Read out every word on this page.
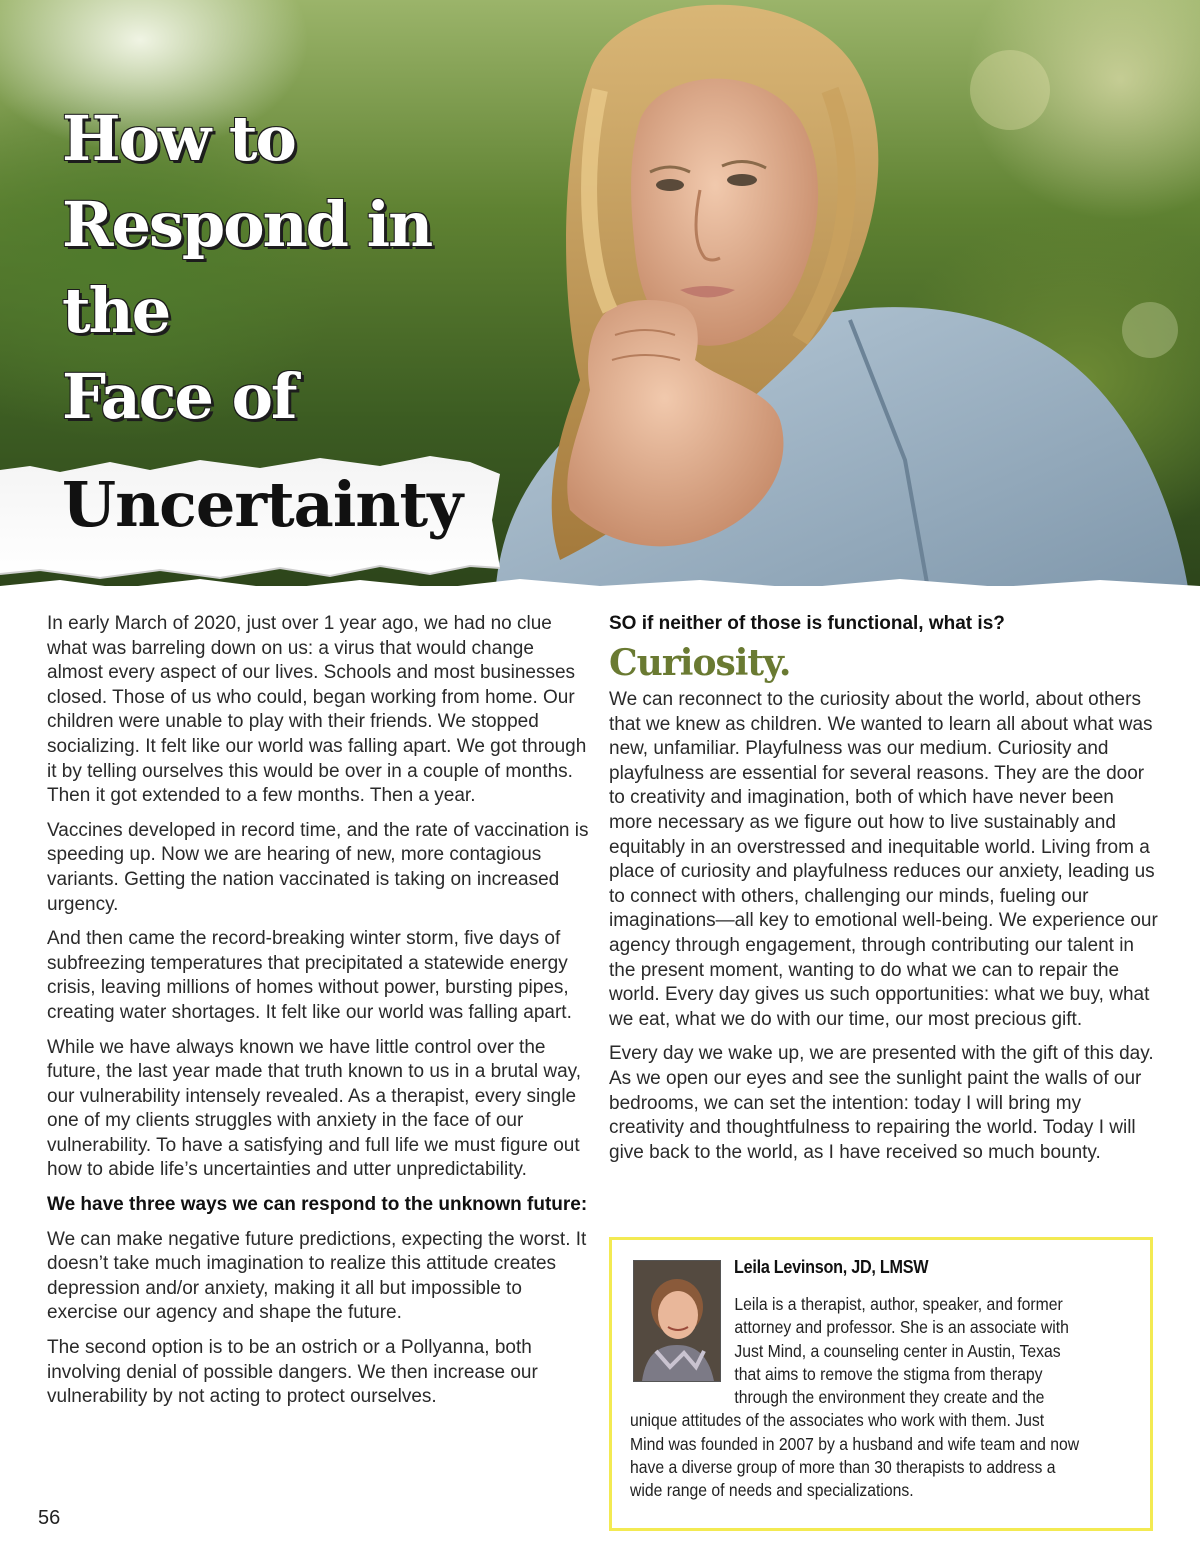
How to
Respond in
the
Face of
Uncertainty

In early March of 2020, just over 1 year ago, we had no clue what was barreling down on us: a virus that would change almost every aspect of our lives. Schools and most businesses closed. Those of us who could, began working from home. Our children were unable to play with their friends. We stopped socializing. It felt like our world was falling apart. We got through it by telling ourselves this would be over in a couple of months. Then it got extended to a few months. Then a year.

Vaccines developed in record time, and the rate of vaccination is speeding up. Now we are hearing of new, more contagious variants. Getting the nation vaccinated is taking on increased urgency.

And then came the record-breaking winter storm, five days of subfreezing temperatures that precipitated a statewide energy crisis, leaving millions of homes without power, bursting pipes, creating water shortages. It felt like our world was falling apart.

While we have always known we have little control over the future, the last year made that truth known to us in a brutal way, our vulnerability intensely revealed. As a therapist, every single one of my clients struggles with anxiety in the face of our vulnerability. To have a satisfying and full life we must figure out how to abide life’s uncertainties and utter unpredictability.

We have three ways we can respond to the unknown future:

We can make negative future predictions, expecting the worst. It doesn’t take much imagination to realize this attitude creates depression and/or anxiety, making it all but impossible to exercise our agency and shape the future.

The second option is to be an ostrich or a Pollyanna, both involving denial of possible dangers. We then increase our vulnerability by not acting to protect ourselves.

SO if neither of those is functional, what is?
Curiosity.

We can reconnect to the curiosity about the world, about others that we knew as children. We wanted to learn all about what was new, unfamiliar. Playfulness was our medium. Curiosity and playfulness are essential for several reasons. They are the door to creativity and imagination, both of which have never been more necessary as we figure out how to live sustainably and equitably in an overstressed and inequitable world. Living from a place of curiosity and playfulness reduces our anxiety, leading us to connect with others, challenging our minds, fueling our imaginations—all key to emotional well-being. We experience our agency through engagement, through contributing our talent in the present moment, wanting to do what we can to repair the world. Every day gives us such opportunities: what we buy, what we eat, what we do with our time, our most precious gift.

Every day we wake up, we are presented with the gift of this day. As we open our eyes and see the sunlight paint the walls of our bedrooms, we can set the intention: today I will bring my creativity and thoughtfulness to repairing the world. Today I will give back to the world, as I have received so much bounty.

Leila Levinson, JD, LMSW
Leila is a therapist, author, speaker, and former attorney and professor. She is an associate with Just Mind, a counseling center in Austin, Texas that aims to remove the stigma from therapy through the environment they create and the unique attitudes of the associates who work with them. Just Mind was founded in 2007 by a husband and wife team and now have a diverse group of more than 30 therapists to address a wide range of needs and specializations.
56
